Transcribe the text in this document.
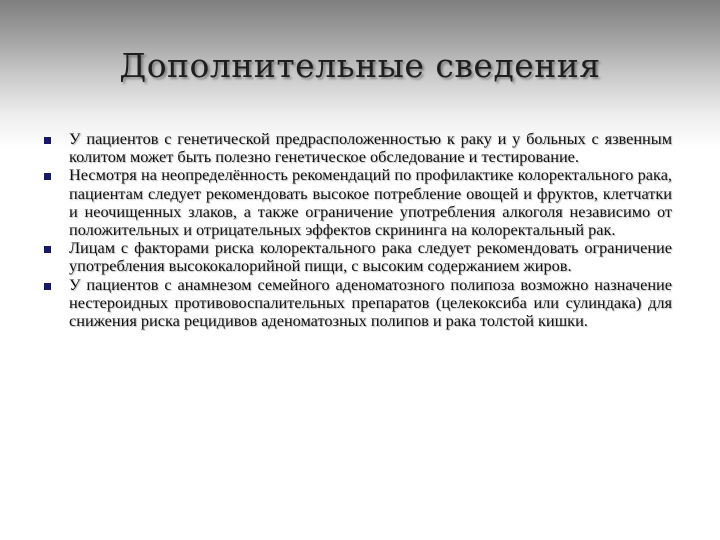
Дополнительные сведения
У пациентов с генетической предрасположенностью к раку и у больных с язвенным колитом может быть полезно генетическое обследование и тестирование.
Несмотря на неопределённость рекомендаций по профилактике колоректального рака, пациентам следует рекомендовать высокое потребление овощей и фруктов, клетчатки и неочищенных злаков, а также ограничение употребления алкоголя независимо от положительных и отрицательных эффектов скрининга на колоректальный рак.
Лицам с факторами риска колоректального рака следует рекомендовать ограничение употребления высококалорийной пищи, с высоким содержанием жиров.
У пациентов с анамнезом семейного аденоматозного полипоза возможно назначение нестероидных противовоспалительных препаратов (целекоксиба или сулиндака) для снижения риска рецидивов аденоматозных полипов и рака толстой кишки.
